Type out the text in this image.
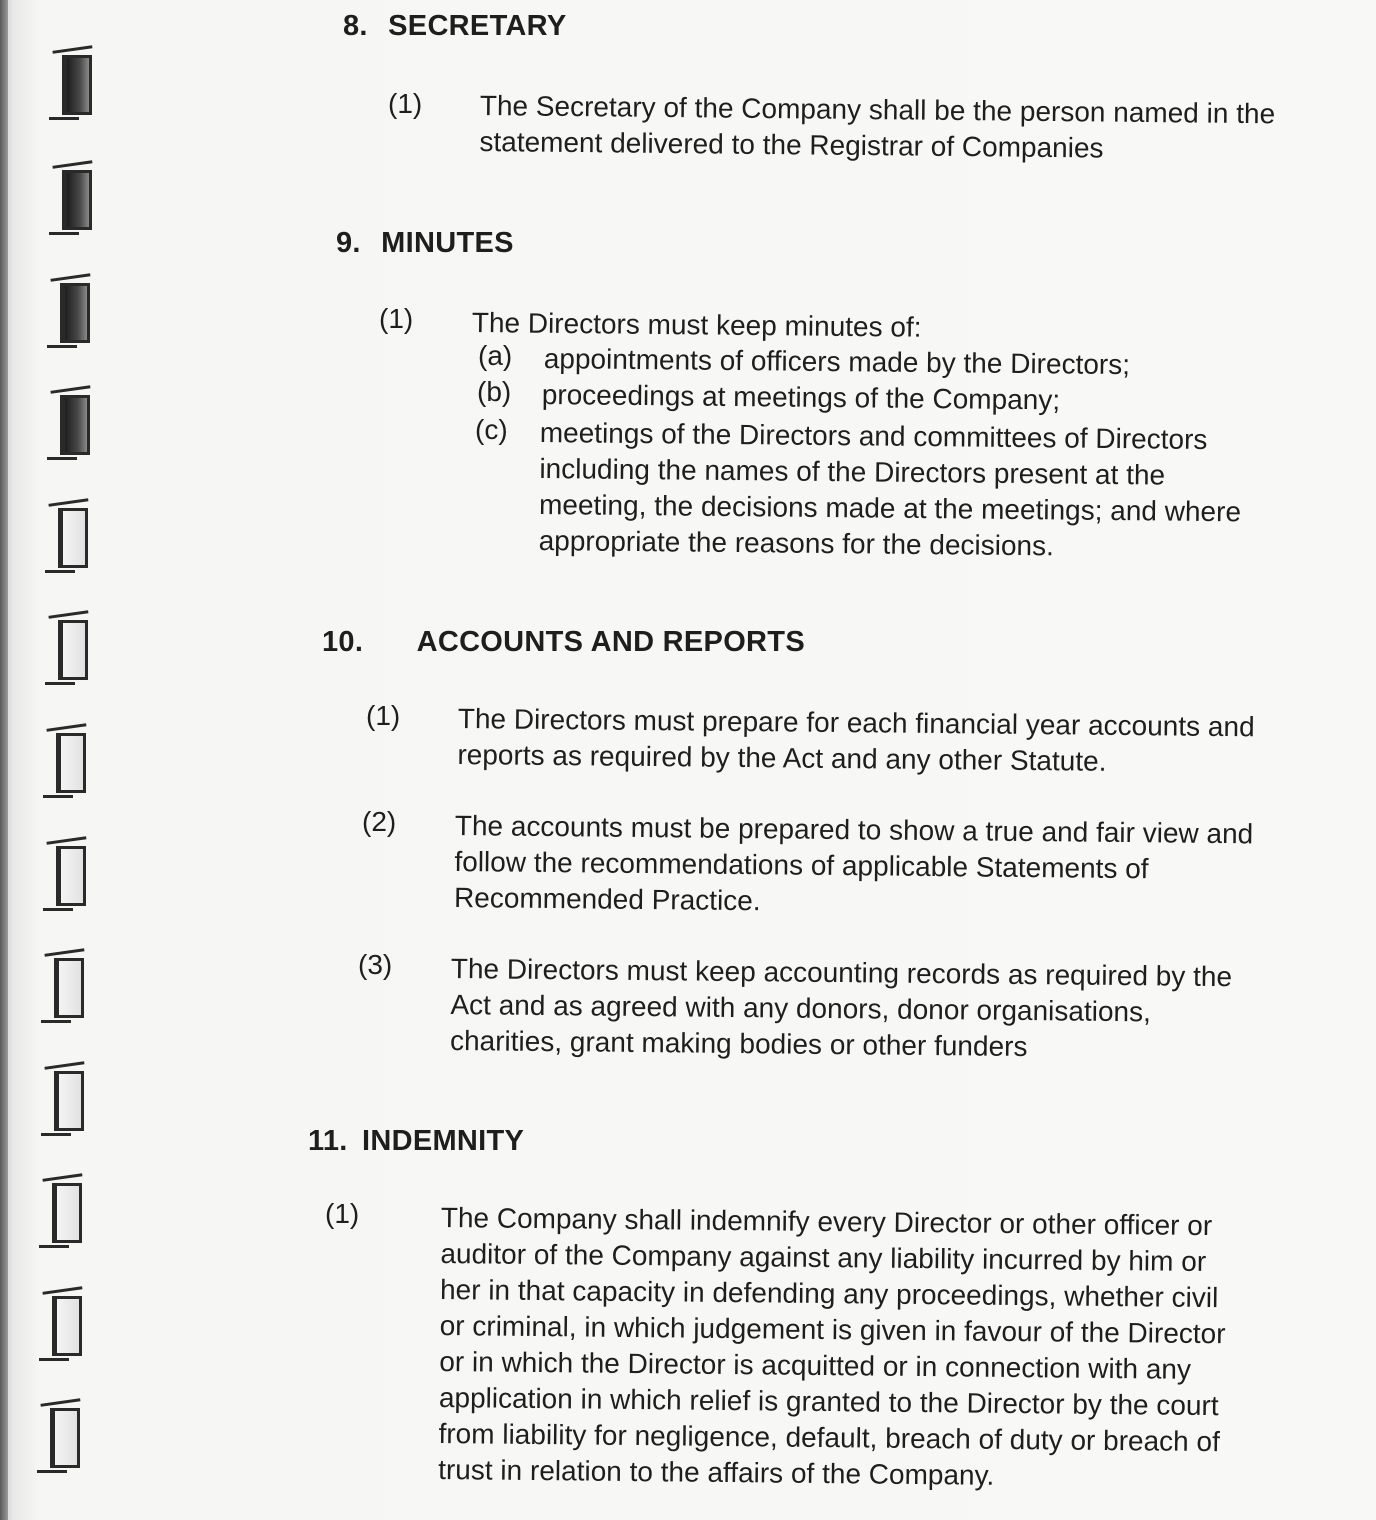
8. SECRETARY
(1) The Secretary of the Company shall be the person named in the
statement delivered to the Registrar of Companies
9. MINUTES
(1) The Directors must keep minutes of:
(a) appointments of officers made by the Directors;
(b) proceedings at meetings of the Company;
(c) meetings of the Directors and committees of Directors
including the names of the Directors present at the
meeting, the decisions made at the meetings; and where
appropriate the reasons for the decisions.
10. ACCOUNTS AND REPORTS
(1) The Directors must prepare for each financial year accounts and
reports as required by the Act and any other Statute.
(2) The accounts must be prepared to show a true and fair view and
follow the recommendations of applicable Statements of
Recommended Practice.
(3) The Directors must keep accounting records as required by the
Act and as agreed with any donors, donor organisations,
charities, grant making bodies or other funders
11. INDEMNITY
(1)	The Company shall indemnify every Director or other officer or
auditor of the Company against any liability incurred by him or
her in that capacity in defending any proceedings, whether civil
or criminal, in which judgement is given in favour of the Director
or in which the Director is acquitted or in connection with any
application in which relief is granted to the Director by the court
from liability for negligence, default, breach of duty or breach of
trust in relation to the affairs of the Company.
